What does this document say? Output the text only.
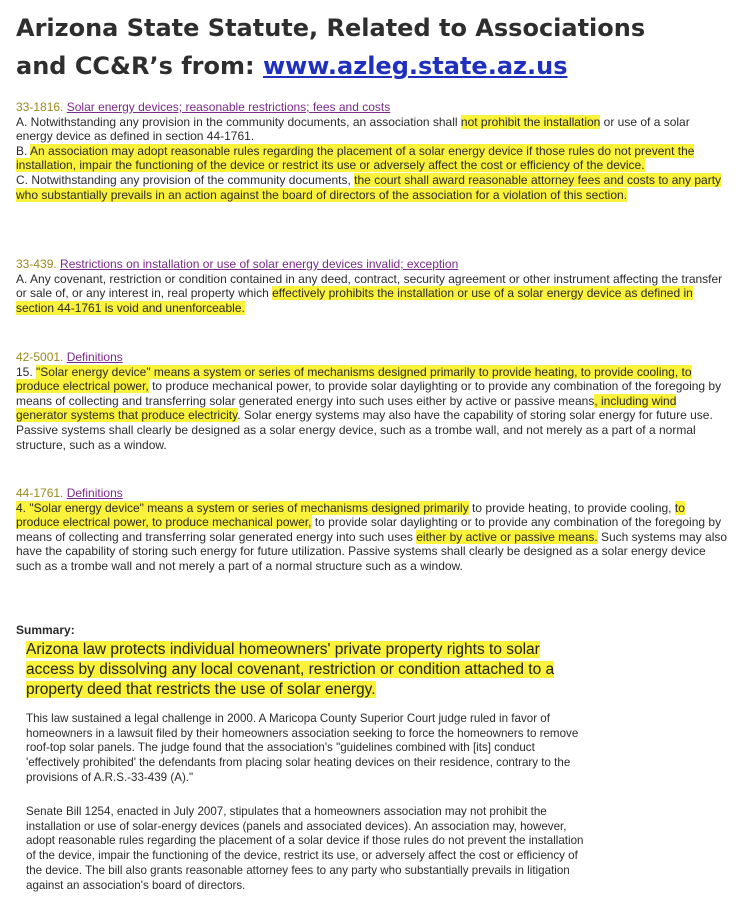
Arizona State Statute, Related to Associations
and CC&R’s from: www.azleg.state.az.us

33-1816. Solar energy devices; reasonable restrictions; fees and costs

A. Notwithstanding any provision in the community documents, an association shall not prohibit the installation or use of a solar energy device as defined in section 44-1761.

B. An association may adopt reasonable rules regarding the placement of a solar energy device if those rules do not prevent the installation, impair the functioning of the device or restrict its use or adversely affect the cost or efficiency of the device.

C. Notwithstanding any provision of the community documents, the court shall award reasonable attorney fees and costs to any party who substantially prevails in an action against the board of directors of the association for a violation of this section.

33-439. Restrictions on installation or use of solar energy devices invalid; exception

A. Any covenant, restriction or condition contained in any deed, contract, security agreement or other instrument affecting the transfer or sale of, or any interest in, real property which effectively prohibits the installation or use of a solar energy device as defined in section 44-1761 is void and unenforceable.

42-5001. Definitions

15. "Solar energy device" means a system or series of mechanisms designed primarily to provide heating, to provide cooling, to produce electrical power, to produce mechanical power, to provide solar daylighting or to provide any combination of the foregoing by means of collecting and transferring solar generated energy into such uses either by active or passive means, including wind generator systems that produce electricity. Solar energy systems may also have the capability of storing solar energy for future use. Passive systems shall clearly be designed as a solar energy device, such as a trombe wall, and not merely as a part of a normal structure, such as a window.

44-1761. Definitions

4. "Solar energy device" means a system or series of mechanisms designed primarily to provide heating, to provide cooling, to produce electrical power, to produce mechanical power, to provide solar daylighting or to provide any combination of the foregoing by means of collecting and transferring solar generated energy into such uses either by active or passive means. Such systems may also have the capability of storing such energy for future utilization. Passive systems shall clearly be designed as a solar energy device such as a trombe wall and not merely a part of a normal structure such as a window.

Summary:

Arizona law protects individual homeowners' private property rights to solar access by dissolving any local covenant, restriction or condition attached to a property deed that restricts the use of solar energy.

This law sustained a legal challenge in 2000. A Maricopa County Superior Court judge ruled in favor of homeowners in a lawsuit filed by their homeowners association seeking to force the homeowners to remove roof-top solar panels. The judge found that the association's "guidelines combined with [its] conduct 'effectively prohibited' the defendants from placing solar heating devices on their residence, contrary to the provisions of A.R.S.-33-439 (A)."

Senate Bill 1254, enacted in July 2007, stipulates that a homeowners association may not prohibit the installation or use of solar-energy devices (panels and associated devices). An association may, however, adopt reasonable rules regarding the placement of a solar device if those rules do not prevent the installation of the device, impair the functioning of the device, restrict its use, or adversely affect the cost or efficiency of the device. The bill also grants reasonable attorney fees to any party who substantially prevails in litigation against an association's board of directors.
